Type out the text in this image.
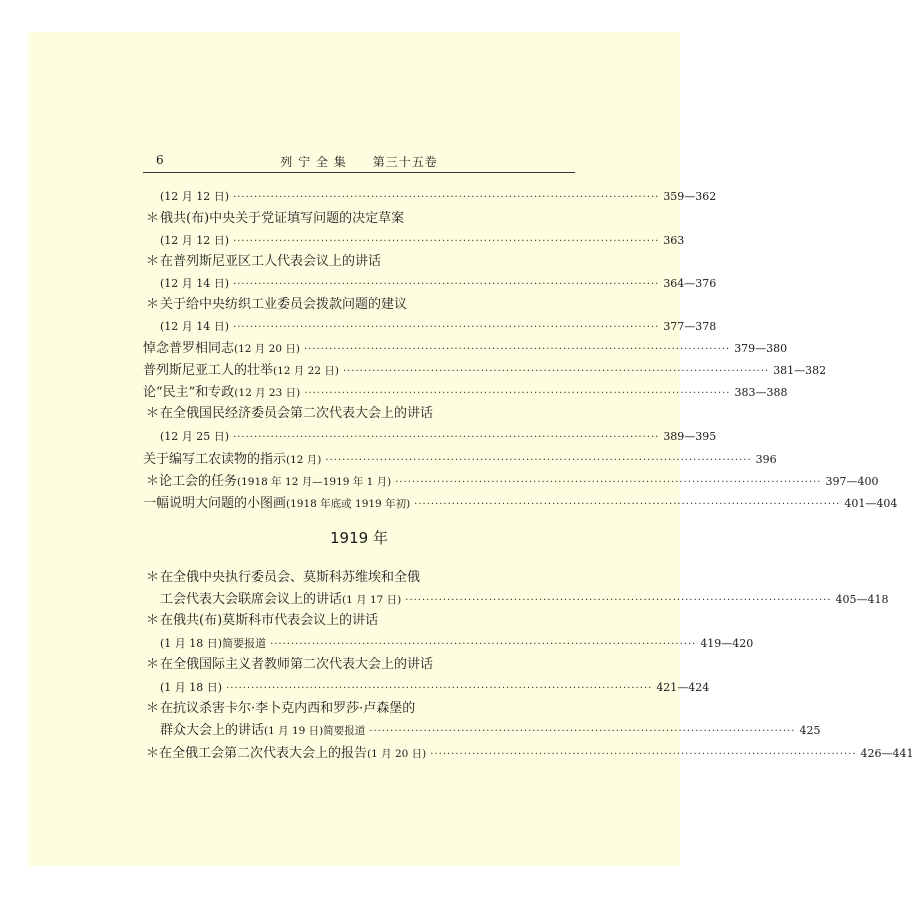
6	列 宁 全 集　　第三十五卷
(12 月 12 日) ······································································································ 359—362
＊ 俄共(布)中央关于党证填写问题的决定草案
(12 月 12 日) ······································································································ 363
＊ 在普列斯尼亚区工人代表会议上的讲话
(12 月 14 日) ······································································································ 364—376
＊ 关于给中央纺织工业委员会拨款问题的建议
(12 月 14 日) ······································································································ 377—378
悼念普罗相同志 (12 月 20 日) ······································································································ 379—380
普列斯尼亚工人的壮举 (12 月 22 日) ······································································································ 381—382
论“民主”和专政 (12 月 23 日) ······································································································ 383—388
＊ 在全俄国民经济委员会第二次代表大会上的讲话
(12 月 25 日) ······································································································ 389—395
关于编写工农读物的指示 (12 月) ······································································································ 396
＊ 论工会的任务 (1918 年 12 月—1919 年 1 月) ······································································································ 397—400
一幅说明大问题的小图画 (1918 年底或 1919 年初) ······································································································ 401—404
1919 年
＊ 在全俄中央执行委员会、莫斯科苏维埃和全俄
工会代表大会联席会议上的讲话 (1 月 17 日) ······································································································ 405—418
＊ 在俄共(布)莫斯科市代表会议上的讲话
(1 月 18 日)简要报道 ······································································································ 419—420
＊ 在全俄国际主义者教师第二次代表大会上的讲话
(1 月 18 日) ······································································································ 421—424
＊ 在抗议杀害卡尔·李卜克内西和罗莎·卢森堡的
群众大会上的讲话 (1 月 19 日)简要报道 ······································································································ 425
＊ 在全俄工会第二次代表大会上的报告 (1 月 20 日) ······································································································ 426—441
